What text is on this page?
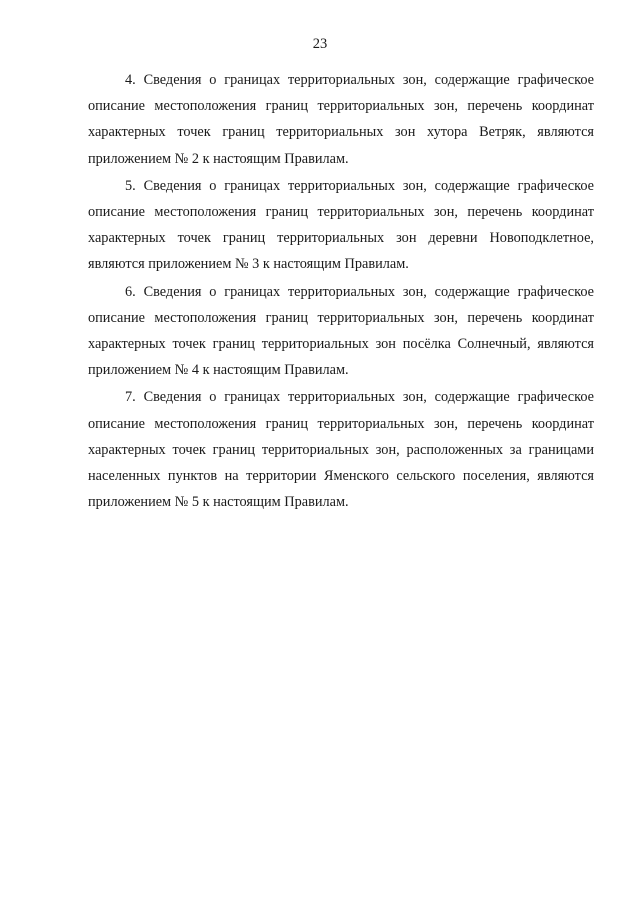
23

4. Сведения о границах территориальных зон, содержащие графическое описание местоположения границ территориальных зон, перечень координат характерных точек границ территориальных зон хутора Ветряк, являются приложением № 2 к настоящим Правилам.

5. Сведения о границах территориальных зон, содержащие графическое описание местоположения границ территориальных зон, перечень координат характерных точек границ территориальных зон деревни Новоподклетное, являются приложением № 3 к настоящим Правилам.

6. Сведения о границах территориальных зон, содержащие графическое описание местоположения границ территориальных зон, перечень координат характерных точек границ территориальных зон посёлка Солнечный, являются приложением № 4 к настоящим Правилам.

7. Сведения о границах территориальных зон, содержащие графическое описание местоположения границ территориальных зон, перечень координат характерных точек границ территориальных зон, расположенных за границами населенных пунктов на территории Яменского сельского поселения, являются приложением № 5 к настоящим Правилам.
